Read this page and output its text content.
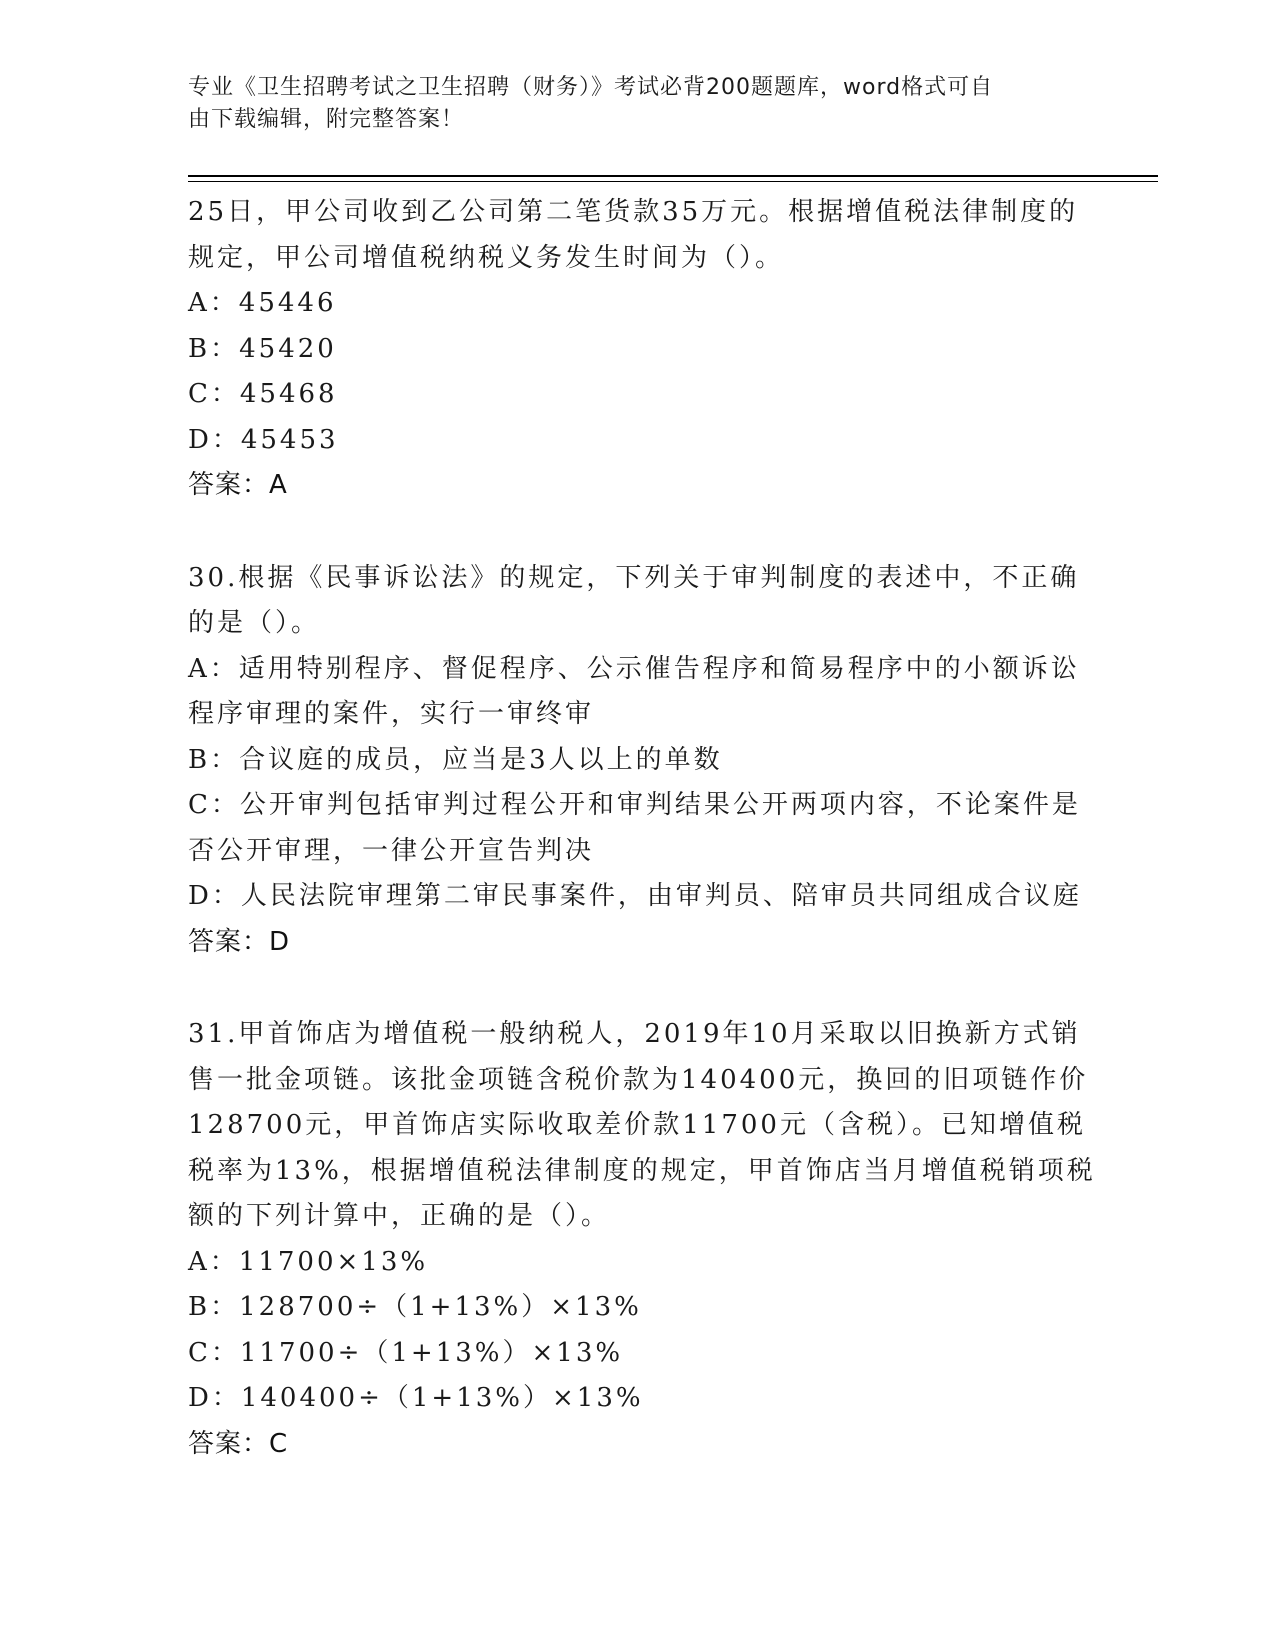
专业《卫生招聘考试之卫生招聘（财务）》考试必背200题题库，word格式可自
由下载编辑，附完整答案！
25日，甲公司收到乙公司第二笔货款35万元。根据增值税法律制度的
规定，甲公司增值税纳税义务发生时间为（）。
A：45446
B：45420
C：45468
D：45453
答案：A
30.根据《民事诉讼法》的规定，下列关于审判制度的表述中，不正确
的是（）。
A：适用特别程序、督促程序、公示催告程序和简易程序中的小额诉讼
程序审理的案件，实行一审终审
B：合议庭的成员，应当是3人以上的单数
C：公开审判包括审判过程公开和审判结果公开两项内容，不论案件是
否公开审理，一律公开宣告判决
D：人民法院审理第二审民事案件，由审判员、陪审员共同组成合议庭
答案：D
31.甲首饰店为增值税一般纳税人，2019年10月采取以旧换新方式销
售一批金项链。该批金项链含税价款为140400元，换回的旧项链作价
128700元，甲首饰店实际收取差价款11700元（含税）。已知增值税
税率为13%，根据增值税法律制度的规定，甲首饰店当月增值税销项税
额的下列计算中，正确的是（）。
A：11700×13%
B：128700÷（1+13%）×13%
C：11700÷（1+13%）×13%
D：140400÷（1+13%）×13%
答案：C
